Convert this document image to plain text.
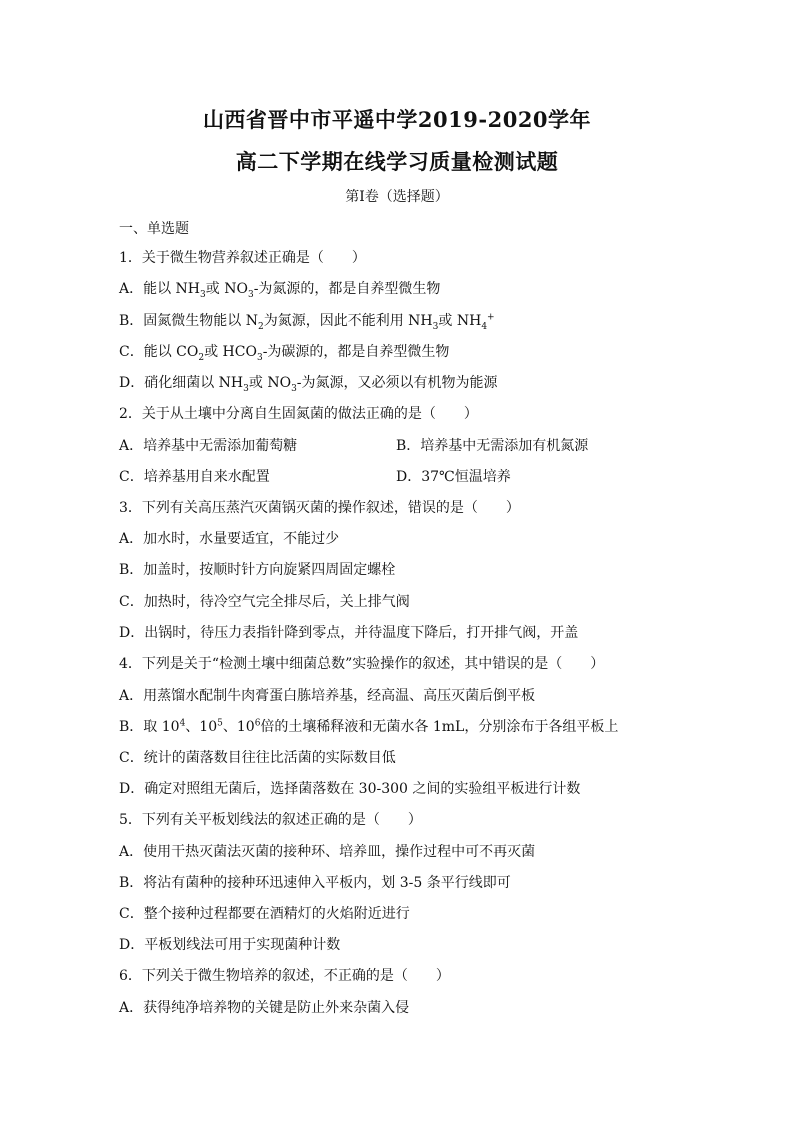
山西省晋中市平遥中学2019-2020学年
高二下学期在线学习质量检测试题
第Ⅰ卷（选择题）
一、单选题
1．关于微生物营养叙述正确是（　　）
A．能以 $NH_3$或 $NO_3-$为氮源的，都是自养型微生物
B．固氮微生物能以 $N_2$为氮源，因此不能利用 $NH_3$或 $NH_4^+$
C．能以 $CO_2$或 $HCO_3-$为碳源的，都是自养型微生物
D．硝化细菌以 $NH_3$或 $NO_3-$为氮源，又必须以有机物为能源
2．关于从土壤中分离自生固氮菌的做法正确的是（　　）
A．培养基中无需添加葡萄糖	B．培养基中无需添加有机氮源
C．培养基用自来水配置	D．37℃恒温培养
3．下列有关高压蒸汽灭菌锅灭菌的操作叙述，错误的是（　　）
A．加水时，水量要适宜，不能过少
B．加盖时，按顺时针方向旋紧四周固定螺栓
C．加热时，待冷空气完全排尽后，关上排气阀
D．出锅时，待压力表指针降到零点，并待温度下降后，打开排气阀，开盖
4．下列是关于“检测土壤中细菌总数”实验操作的叙述，其中错误的是（　　）
A．用蒸馏水配制牛肉膏蛋白胨培养基，经高温、高压灭菌后倒平板
B．取 $10^4$、$10^5$、$10^6$倍的土壤稀释液和无菌水各 1mL，分别涂布于各组平板上
C．统计的菌落数目往往比活菌的实际数目低
D．确定对照组无菌后，选择菌落数在 30-300 之间的实验组平板进行计数
5．下列有关平板划线法的叙述正确的是（　　）
A．使用干热灭菌法灭菌的接种环、培养皿，操作过程中可不再灭菌
B．将沾有菌种的接种环迅速伸入平板内，划 3-5 条平行线即可
C．整个接种过程都要在酒精灯的火焰附近进行
D．平板划线法可用于实现菌种计数
6．下列关于微生物培养的叙述，不正确的是（　　）
A．获得纯净培养物的关键是防止外来杂菌入侵
